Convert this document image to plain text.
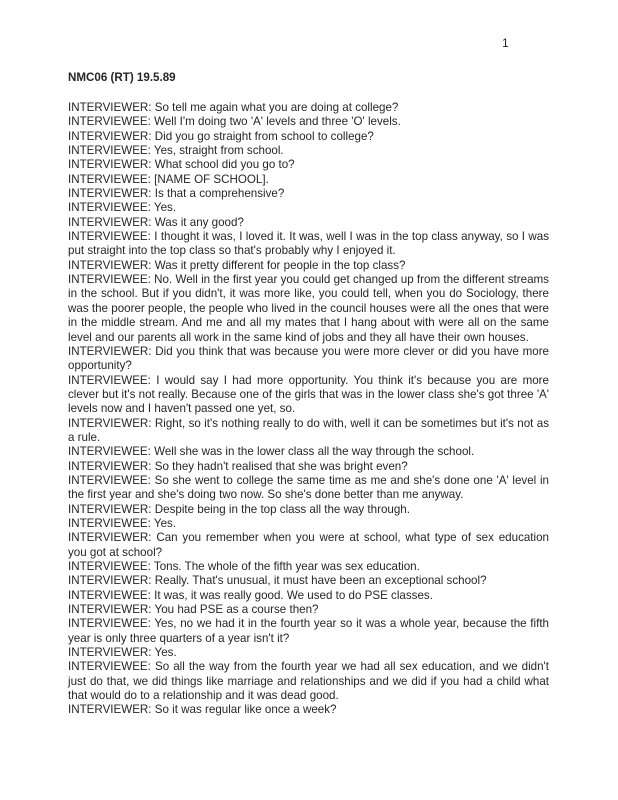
1
NMC06 (RT) 19.5.89

INTERVIEWER: So tell me again what you are doing at college?

INTERVIEWEE: Well I'm doing two 'A' levels and three 'O' levels.

INTERVIEWER: Did you go straight from school to college?

INTERVIEWEE: Yes, straight from school.

INTERVIEWER: What school did you go to?

INTERVIEWEE: [NAME OF SCHOOL].

INTERVIEWER: Is that a comprehensive?

INTERVIEWEE: Yes.

INTERVIEWER: Was it any good?

INTERVIEWEE: I thought it was, I loved it. It was, well I was in the top class anyway, so I was put straight into the top class so that's probably why I enjoyed it.

INTERVIEWER: Was it pretty different for people in the top class?

INTERVIEWEE: No. Well in the first year you could get changed up from the different streams in the school. But if you didn't, it was more like, you could tell, when you do Sociology, there was the poorer people, the people who lived in the council houses were all the ones that were in the middle stream. And me and all my mates that I hang about with were all on the same level and our parents all work in the same kind of jobs and they all have their own houses.

INTERVIEWER: Did you think that was because you were more clever or did you have more opportunity?

INTERVIEWEE: I would say I had more opportunity. You think it's because you are more clever but it's not really. Because one of the girls that was in the lower class she's got three 'A' levels now and I haven't passed one yet, so.

INTERVIEWER: Right, so it's nothing really to do with, well it can be sometimes but it's not as a rule.

INTERVIEWEE: Well she was in the lower class all the way through the school.

INTERVIEWER: So they hadn't realised that she was bright even?

INTERVIEWEE: So she went to college the same time as me and she's done one 'A' level in the first year and she's doing two now. So she's done better than me anyway.

INTERVIEWER: Despite being in the top class all the way through.

INTERVIEWEE: Yes.

INTERVIEWER: Can you remember when you were at school, what type of sex education you got at school?

INTERVIEWEE: Tons. The whole of the fifth year was sex education.

INTERVIEWER: Really. That's unusual, it must have been an exceptional school?

INTERVIEWEE: It was, it was really good. We used to do PSE classes.

INTERVIEWER: You had PSE as a course then?

INTERVIEWEE: Yes, no we had it in the fourth year so it was a whole year, because the fifth year is only three quarters of a year isn't it?

INTERVIEWER: Yes.

INTERVIEWEE: So all the way from the fourth year we had all sex education, and we didn't just do that, we did things like marriage and relationships and we did if you had a child what that would do to a relationship and it was dead good.

INTERVIEWER: So it was regular like once a week?
